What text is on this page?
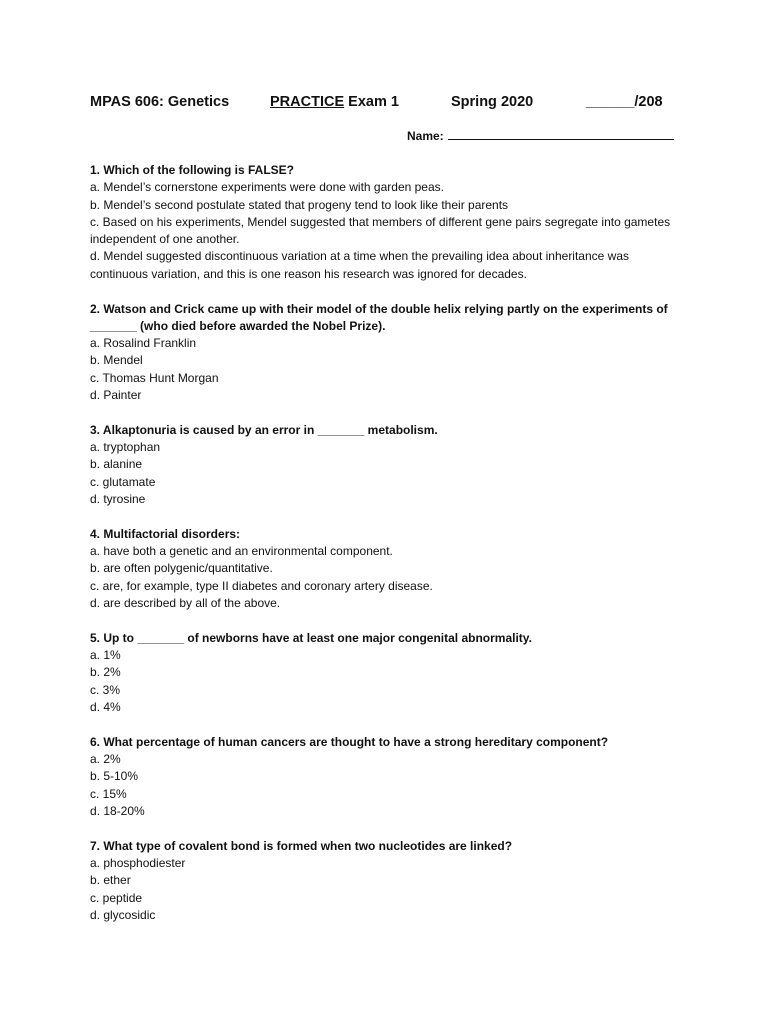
MPAS 606: Genetics	PRACTICE Exam 1	Spring 2020	______/208
Name:
1. Which of the following is FALSE?
a. Mendel’s cornerstone experiments were done with garden peas.
b. Mendel’s second postulate stated that progeny tend to look like their parents
c. Based on his experiments, Mendel suggested that members of different gene pairs segregate into gametes independent of one another.
d. Mendel suggested discontinuous variation at a time when the prevailing idea about inheritance was continuous variation, and this is one reason his research was ignored for decades.
2. Watson and Crick came up with their model of the double helix relying partly on the experiments of _______ (who died before awarded the Nobel Prize).
a. Rosalind Franklin
b. Mendel
c. Thomas Hunt Morgan
d. Painter
3. Alkaptonuria is caused by an error in _______ metabolism.
a. tryptophan
b. alanine
c. glutamate
d. tyrosine
4. Multifactorial disorders:
a. have both a genetic and an environmental component.
b. are often polygenic/quantitative.
c. are, for example, type II diabetes and coronary artery disease.
d. are described by all of the above.
5. Up to _______ of newborns have at least one major congenital abnormality.
a. 1%
b. 2%
c. 3%
d. 4%
6. What percentage of human cancers are thought to have a strong hereditary component?
a. 2%
b. 5-10%
c. 15%
d. 18-20%
7. What type of covalent bond is formed when two nucleotides are linked?
a. phosphodiester
b. ether
c. peptide
d. glycosidic
